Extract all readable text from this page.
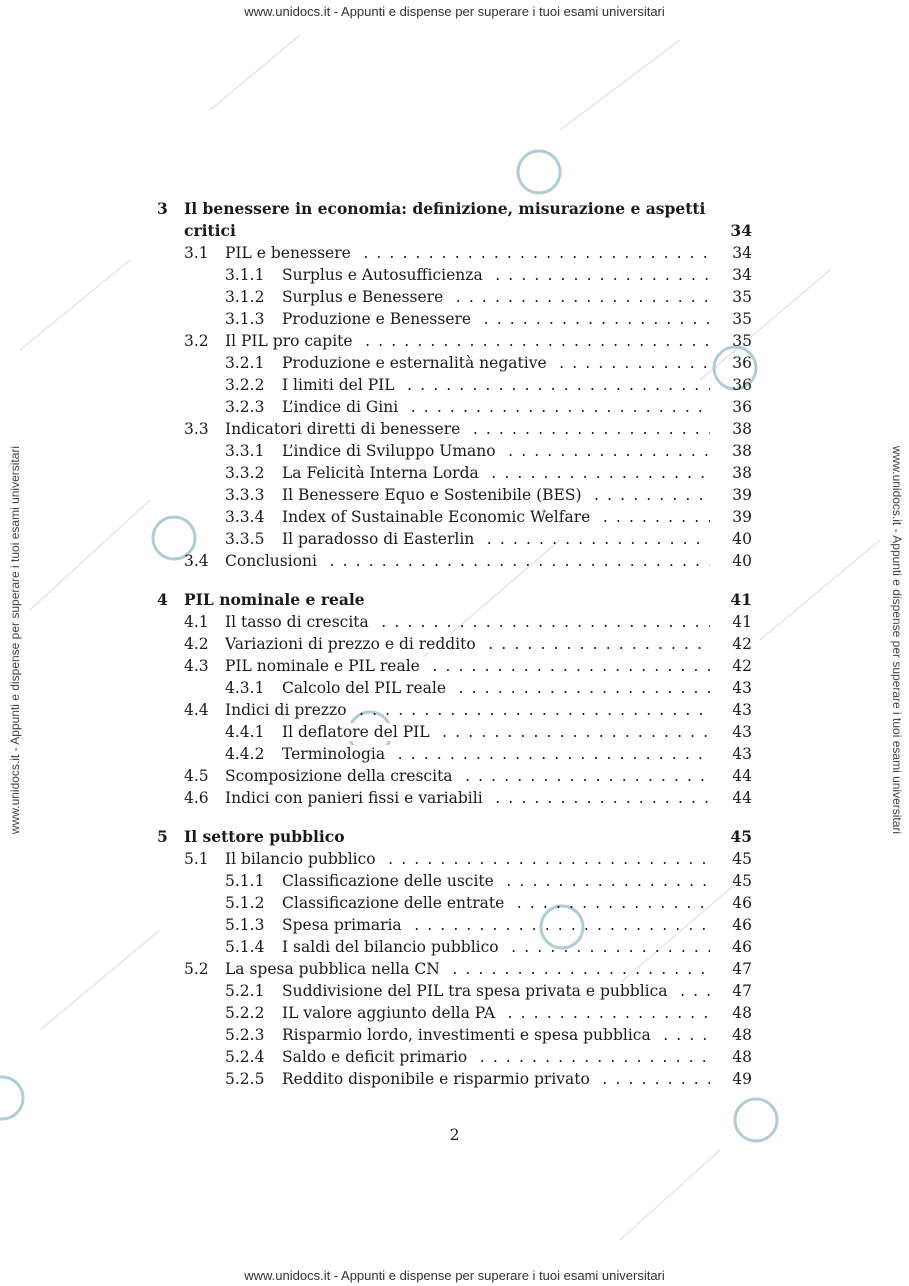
www.unidocs.it - Appunti e dispense per superare i tuoi esami universitari
www.unidocs.it - Appunti e dispense per superare i tuoi esami universitari
www.unidocs.it - Appunti e dispense per superare i tuoi esami universitari	www.unidocs.it - Appunti e dispense per superare i tuoi esami universitari
3 Il benessere in economia: definizione, misurazione e aspetti
critici	34
3.1 PIL e benessere . . .	34
3.1.1 Surplus e Autosufficienza . . .	34
3.1.2 Surplus e Benessere . . .	35
3.1.3 Produzione e Benessere . . .	35
3.2 Il PIL pro capite . . .	35
3.2.1 Produzione e esternalità negative . . .	36
3.2.2 I limiti del PIL . . .	36
3.2.3 L’indice di Gini . . .	36
3.3 Indicatori diretti di benessere . . .	38
3.3.1 L’indice di Sviluppo Umano . . .	38
3.3.2 La Felicità Interna Lorda . . .	38
3.3.3 Il Benessere Equo e Sostenibile (BES) . . .	39
3.3.4 Index of Sustainable Economic Welfare . . .	39
3.3.5 Il paradosso di Easterlin . . .	40
3.4 Conclusioni . . .	40
4 PIL nominale e reale	41
4.1 Il tasso di crescita . . .	41
4.2 Variazioni di prezzo e di reddito . . .	42
4.3 PIL nominale e PIL reale . . .	42
4.3.1 Calcolo del PIL reale . . .	43
4.4 Indici di prezzo . . .	43
4.4.1 Il deflatore del PIL . . .	43
4.4.2 Terminologia . . .	43
4.5 Scomposizione della crescita . . .	44
4.6 Indici con panieri fissi e variabili . . .	44
5 Il settore pubblico	45
5.1 Il bilancio pubblico . . .	45
5.1.1 Classificazione delle uscite . . .	45
5.1.2 Classificazione delle entrate . . .	46
5.1.3 Spesa primaria . . .	46
5.1.4 I saldi del bilancio pubblico . . .	46
5.2 La spesa pubblica nella CN . . .	47
5.2.1 Suddivisione del PIL tra spesa privata e pubblica . . .	47
5.2.2 IL valore aggiunto della PA . . .	48
5.2.3 Risparmio lordo, investimenti e spesa pubblica . . .	48
5.2.4 Saldo e deficit primario . . .	48
5.2.5 Reddito disponibile e risparmio privato . . .	49
2
